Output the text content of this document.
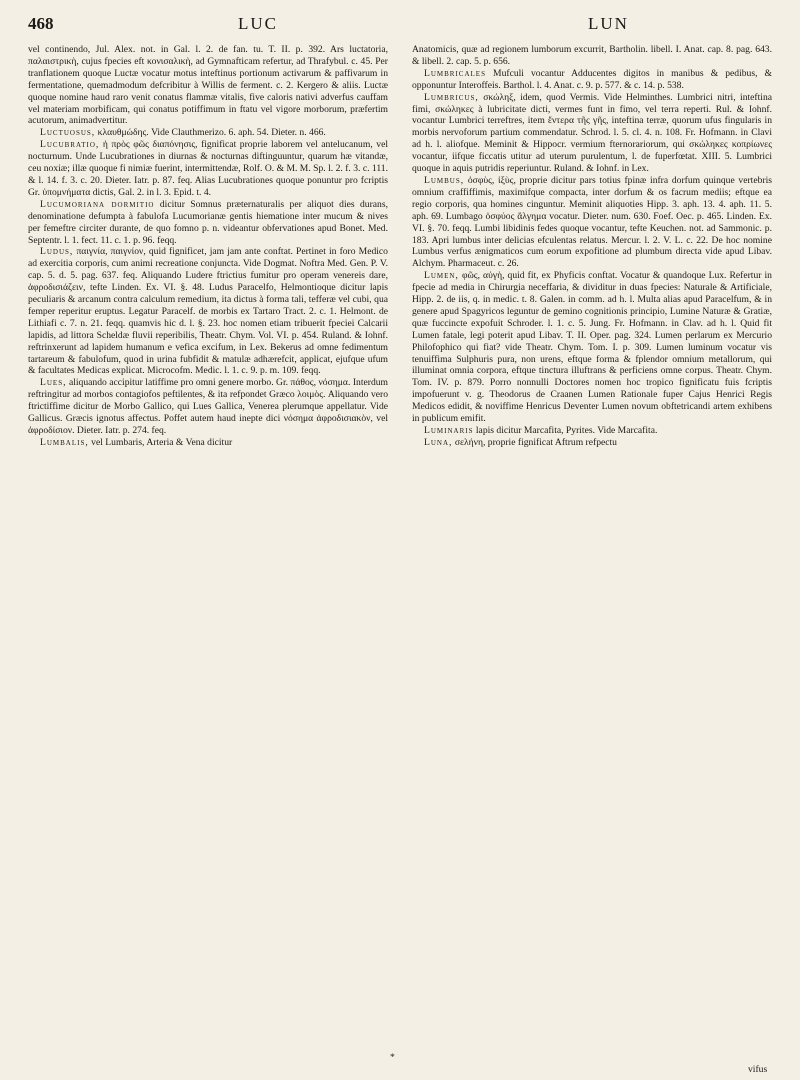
468	LUC	LUN

vel continendo, Jul. Alex. not. in Gal. l. 2. de fan. tu. T. II. p. 392. Ars luctatoria, παλαιστρικὴ, cujus fpecies eft κονισαλικὴ, ad Gymnafticam refertur, ad Thrafybul. c. 45. Per tranflationem quoque Luctæ vocatur motus inteftinus portionum activarum & paffivarum in fermentatione, quemadmodum defcribitur à Willis de ferment. c. 2. Kergero & aliis. Luctæ quoque nomine haud raro venit conatus flammæ vitalis, five caloris nativi adverfus cauffam vel materiam morbificam, qui conatus potiffimum in ftatu vel vigore morborum, præfertim acutorum, animadvertitur.

Luctuosus, κλαυθμώδης. Vide Clauthmerizo. 6. aph. 54. Dieter. n. 466.

Lucubratio, ἡ πρὸς φῶς διαπόνησις, fignificat proprie laborem vel antelucanum, vel nocturnum. Unde Lucubrationes in diurnas & nocturnas diftinguuntur, quarum hæ vitandæ, ceu noxiæ; illæ quoque fi nimiæ fuerint, intermittendæ, Rolf. O. & M. M. Sp. l. 2. f. 3. c. 111. & l. 14. f. 3. c. 20. Dieter. Iatr. p. 87. feq. Alias Lucubrationes quoque ponuntur pro fcriptis Gr. ὑπομνήματα dictis, Gal. 2. in l. 3. Epid. t. 4.

Lucumoriana dormitio dicitur Somnus præternaturalis per aliquot dies durans, denominatione defumpta à fabulofa Lucumorianæ gentis hiematione inter mucum & nives per femeftre circiter durante, de quo fomno p. n. videantur obfervationes apud Bonet. Med. Septentr. l. 1. fect. 11. c. 1. p. 96. feqq.

Ludus, παιγνία, παιγνίον, quid fignificet, jam jam ante conftat. Pertinet in foro Medico ad exercitia corporis, cum animi recreatione conjuncta. Vide Dogmat. Noftra Med. Gen. P. V. cap. 5. d. 5. pag. 637. feq. Aliquando Ludere ftrictius fumitur pro operam venereis dare, ἀφροδισιάζειν, tefte Linden. Ex. VI. §. 48. Ludus Paracelfo, Helmontioque dicitur lapis peculiaris & arcanum contra calculum remedium, ita dictus à forma tali, tefferæ vel cubi, qua femper reperitur eruptus. Legatur Paracelf. de morbis ex Tartaro Tract. 2. c. 1. Helmont. de Lithiafi c. 7. n. 21. feqq. quamvis hic d. l. §. 23. hoc nomen etiam tribuerit fpeciei Calcarii lapidis, ad littora Scheldæ fluvii reperibilis, Theatr. Chym. Vol. VI. p. 454. Ruland. & Iohnf. reftrinxerunt ad lapidem humanum e vefica excifum, in Lex. Bekerus ad omne fedimentum tartareum & fabulofum, quod in urina fubfidit & matulæ adhærefcit, applicat, ejufque ufum & facultates Medicas explicat. Microcofm. Medic. l. 1. c. 9. p. m. 109. feqq.

Lues, aliquando accipitur latiffime pro omni genere morbo. Gr. πάθος, νόσημα. Interdum reftringitur ad morbos contagiofos peftilentes, & ita refpondet Græco λοιμὸς. Aliquando vero ftrictiffime dicitur de Morbo Gallico, qui Lues Gallica, Venerea plerumque appellatur. Vide Gallicus. Græcis ignotus affectus. Poffet autem haud inepte dici νόσημα ἀφροδισιακὸν, vel ἀφροδίσιον. Dieter. Iatr. p. 274. feq.

Lumbalis, vel Lumbaris, Arteria & Vena dicitur

Anatomicis, quæ ad regionem lumborum excurrit, Bartholin. libell. I. Anat. cap. 8. pag. 643. & libell. 2. cap. 5. p. 656.

Lumbricales Mufculi vocantur Adducentes digitos in manibus & pedibus, & opponuntur Interoffeis. Barthol. l. 4. Anat. c. 9. p. 577. & c. 14. p. 538.

Lumbricus, σκώληξ, idem, quod Vermis. Vide Helminthes. Lumbrici nitri, inteftina fimi, σκώληκες à lubricitate dicti, vermes funt in fimo, vel terra reperti. Rul. & Iohnf. vocantur Lumbrici terreftres, item ἔντερα τῆς γῆς, inteftina terræ, quorum ufus fingularis in morbis nervoforum partium commendatur. Schrod. l. 5. cl. 4. n. 108. Fr. Hofmann. in Clavi ad h. l. aliofque. Meminit & Hippocr. vermium fternorariorum, qui σκώληκες κοπρίωνες vocantur, iifque ficcatis utitur ad uterum purulentum, l. de fuperfœtat. XIII. 5. Lumbrici quoque in aquis putridis reperiuntur. Ruland. & Iohnf. in Lex.

Lumbus, ὀσφὺς, ἰξὺς, proprie dicitur pars totius fpinæ infra dorfum quinque vertebris omnium craffiffimis, maximifque compacta, inter dorfum & os facrum mediis; eftque ea regio corporis, qua homines cinguntur. Meminit aliquoties Hipp. 3. aph. 13. 4. aph. 11. 5. aph. 69. Lumbago ὀσφύος ἄλγημα vocatur. Dieter. num. 630. Foef. Oec. p. 465. Linden. Ex. VI. §. 70. feqq. Lumbi libidinis fedes quoque vocantur, tefte Keuchen. not. ad Sammonic. p. 183. Apri lumbus inter delicias efculentas relatus. Mercur. l. 2. V. L. c. 22. De hoc nomine Lumbus verfus ænigmaticos cum eorum expofitione ad plumbum directa vide apud Libav. Alchym. Pharmaceut. c. 26.

Lumen, φῶς, αὐγὴ, quid fit, ex Phyficis conftat. Vocatur & quandoque Lux. Refertur in fpecie ad media in Chirurgia neceffaria, & dividitur in duas fpecies: Naturale & Artificiale, Hipp. 2. de iis, q. in medic. t. 8. Galen. in comm. ad h. l. Multa alias apud Paracelfum, & in genere apud Spagyricos leguntur de gemino cognitionis principio, Lumine Naturæ & Gratiæ, quæ fuccincte expofuit Schroder. l. 1. c. 5. Jung. Fr. Hofmann. in Clav. ad h. l. Quid fit Lumen fatale, legi poterit apud Libav. T. II. Oper. pag. 324. Lumen perlarum ex Mercurio Philofophico qui fiat? vide Theatr. Chym. Tom. I. p. 309. Lumen luminum vocatur vis tenuiffima Sulphuris pura, non urens, eftque forma & fplendor omnium metallorum, qui illuminat omnia corpora, eftque tinctura illuftrans & perficiens omne corpus. Theatr. Chym. Tom. IV. p. 879. Porro nonnulli Doctores nomen hoc tropico fignificatu fuis fcriptis impofuerunt v. g. Theodorus de Craanen Lumen Rationale fuper Cajus Henrici Regis Medicos edidit, & noviffime Henricus Deventer Lumen novum obftetricandi artem exhibens in publicum emifit.

Luminaris lapis dicitur Marcafita, Pyrites. Vide Marcafita.

Luna, σελήνη, proprie fignificat Aftrum refpectu

*
vifus
